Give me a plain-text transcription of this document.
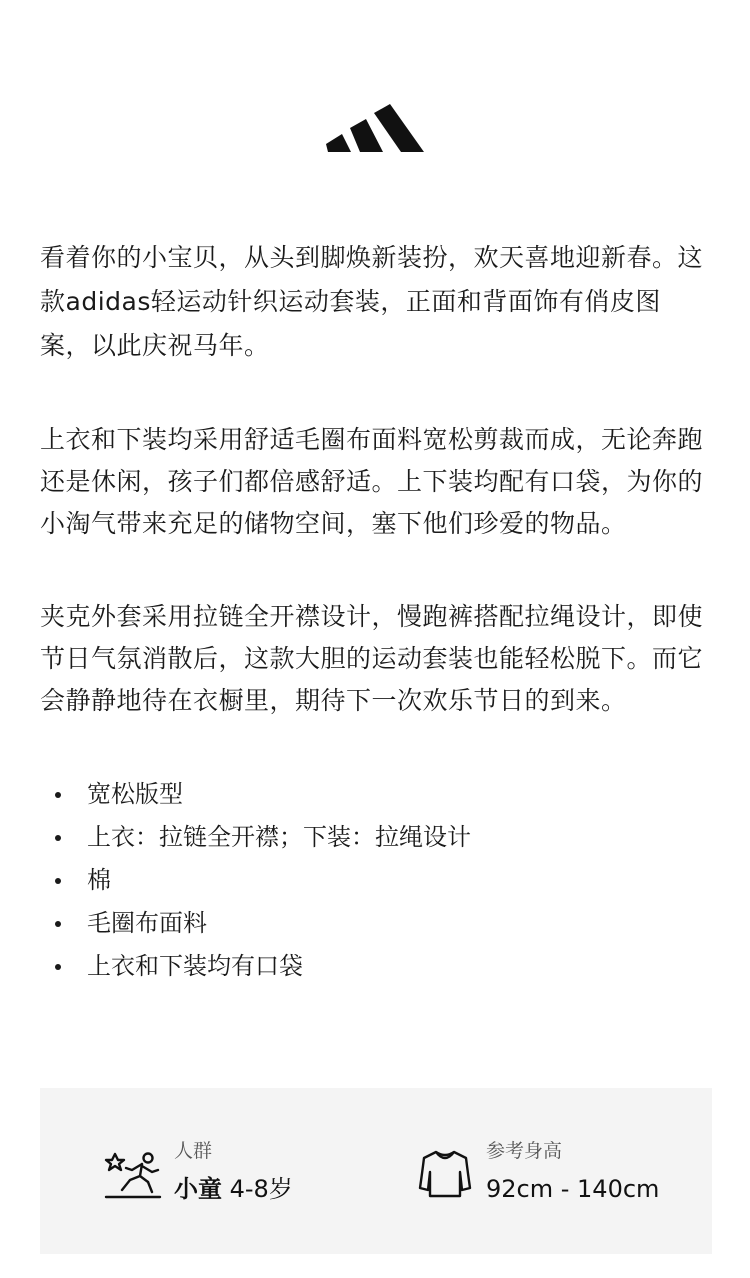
看着你的小宝贝，从头到脚焕新装扮，欢天喜地迎新春。这款adidas轻运动针织运动套装，正面和背面饰有俏皮图案，以此庆祝马年。

上衣和下装均采用舒适毛圈布面料宽松剪裁而成，无论奔跑还是休闲，孩子们都倍感舒适。上下装均配有口袋，为你的小淘气带来充足的储物空间，塞下他们珍爱的物品。

夹克外套采用拉链全开襟设计，慢跑裤搭配拉绳设计，即使节日气氛消散后，这款大胆的运动套装也能轻松脱下。而它会静静地待在衣橱里，期待下一次欢乐节日的到来。

宽松版型
上衣：拉链全开襟；下装：拉绳设计
棉
毛圈布面料
上衣和下装均有口袋
人群
小童 4-8岁
参考身高
92cm - 140cm
